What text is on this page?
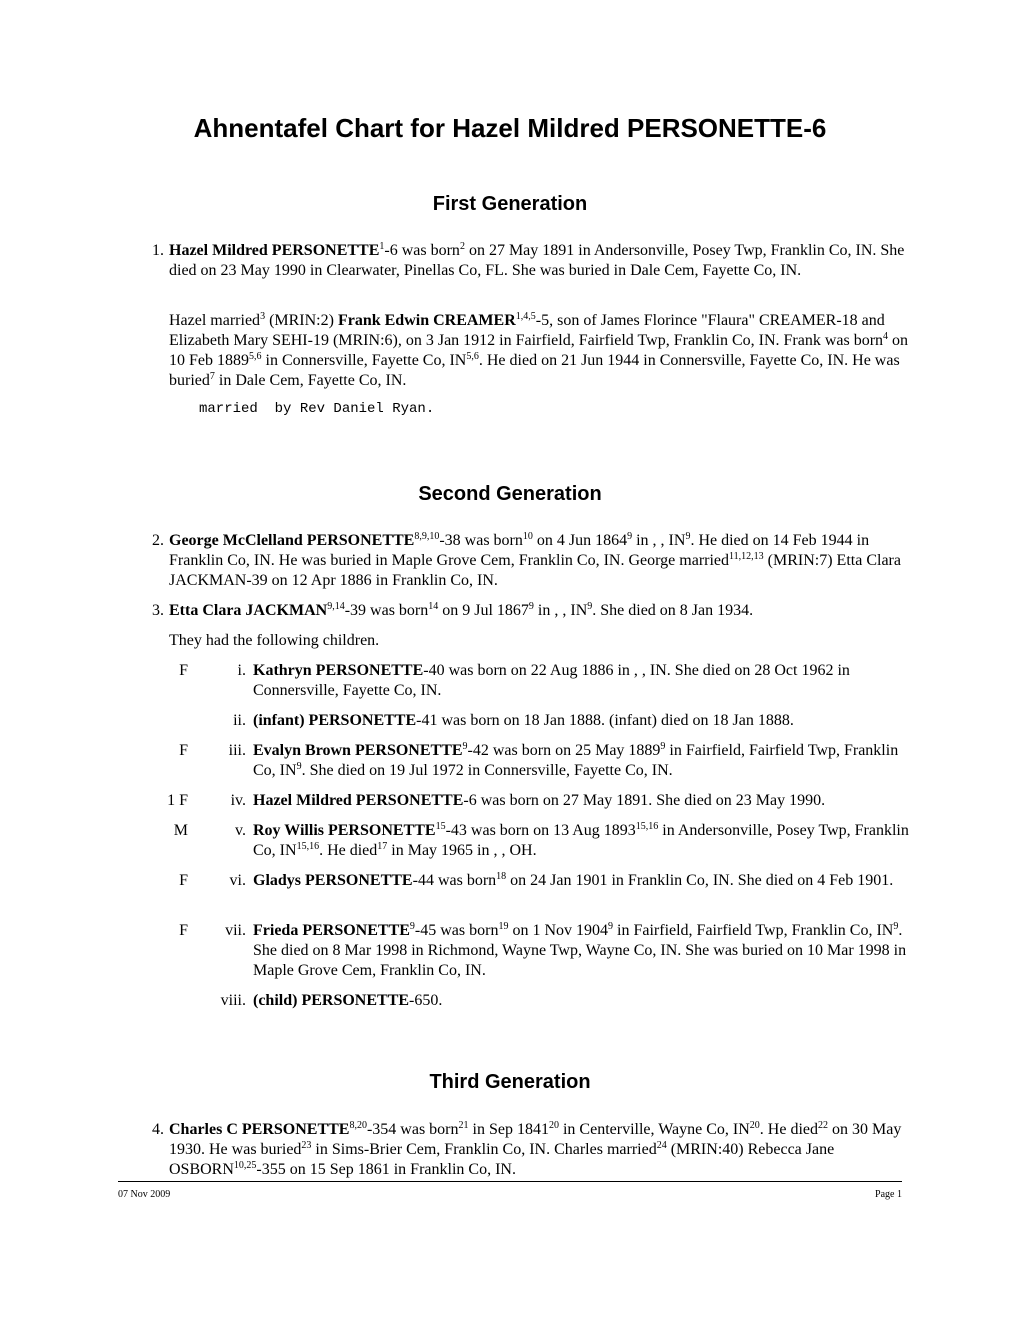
Ahnentafel Chart for Hazel Mildred PERSONETTE-6
First Generation
1. Hazel Mildred PERSONETTE$^1$-6 was born$^2$ on 27 May 1891 in Andersonville, Posey Twp, Franklin Co, IN. She died on 23 May 1990 in Clearwater, Pinellas Co, FL. She was buried in Dale Cem, Fayette Co, IN.
Hazel married$^3$ (MRIN:2) Frank Edwin CREAMER$^{1,4,5}$-5, son of James Florince "Flaura" CREAMER-18 and Elizabeth Mary SEHI-19 (MRIN:6), on 3 Jan 1912 in Fairfield, Fairfield Twp, Franklin Co, IN. Frank was born$^4$ on 10 Feb 1889$^{5,6}$ in Connersville, Fayette Co, IN$^{5,6}$. He died on 21 Jun 1944 in Connersville, Fayette Co, IN. He was buried$^7$ in Dale Cem, Fayette Co, IN.
married  by Rev Daniel Ryan.
Second Generation
2. George McClelland PERSONETTE$^{8,9,10}$-38 was born$^{10}$ on 4 Jun 1864$^9$ in , , $IN^9$. He died on 14 Feb 1944 in Franklin Co, IN. He was buried in Maple Grove Cem, Franklin Co, IN. George married$^{11,12,13}$ (MRIN:7) Etta Clara JACKMAN-39 on 12 Apr 1886 in Franklin Co, IN.
3. Etta Clara JACKMAN$^{9,14}$-39 was born$^{14}$ on 9 Jul 1867$^9$ in , , $IN^9$. She died on 8 Jan 1934.
They had the following children.
F	i. Kathryn PERSONETTE-40 was born on 22 Aug 1886 in , , IN. She died on 28 Oct 1962 in Connersville, Fayette Co, IN.
ii. (infant) PERSONETTE-41 was born on 18 Jan 1888. (infant) died on 18 Jan 1888.
F	iii. Evalyn Brown PERSONETTE$^9$-42 was born on 25 May 1889$^9$ in Fairfield, Fairfield Twp, Franklin Co, $IN^9$. She died on 19 Jul 1972 in Connersville, Fayette Co, IN.
1 F	iv. Hazel Mildred PERSONETTE-6 was born on 27 May 1891. She died on 23 May 1990.
M	v. Roy Willis PERSONETTE$^{15}$-43 was born on 13 Aug 1893$^{15,16}$ in Andersonville, Posey Twp, Franklin Co, IN$^{15,16}$. He died$^{17}$ in May 1965 in , , OH.
F	vi. Gladys PERSONETTE-44 was born$^{18}$ on 24 Jan 1901 in Franklin Co, IN. She died on 4 Feb 1901.
F	vii. Frieda PERSONETTE$^9$-45 was born$^{19}$ on 1 Nov 1904$^9$ in Fairfield, Fairfield Twp, Franklin Co, $IN^9$. She died on 8 Mar 1998 in Richmond, Wayne Twp, Wayne Co, IN. She was buried on 10 Mar 1998 in Maple Grove Cem, Franklin Co, IN.
viii. (child) PERSONETTE-650.
Third Generation
4. Charles C PERSONETTE$^{8,20}$-354 was born$^{21}$ in Sep 1841$^{20}$ in Centerville, Wayne Co, IN$^{20}$. He died$^{22}$ on 30 May 1930. He was buried$^{23}$ in Sims-Brier Cem, Franklin Co, IN. Charles married$^{24}$ (MRIN:40) Rebecca Jane OSBORN$^{10,25}$-355 on 15 Sep 1861 in Franklin Co, IN.
07 Nov 2009	Page 1
